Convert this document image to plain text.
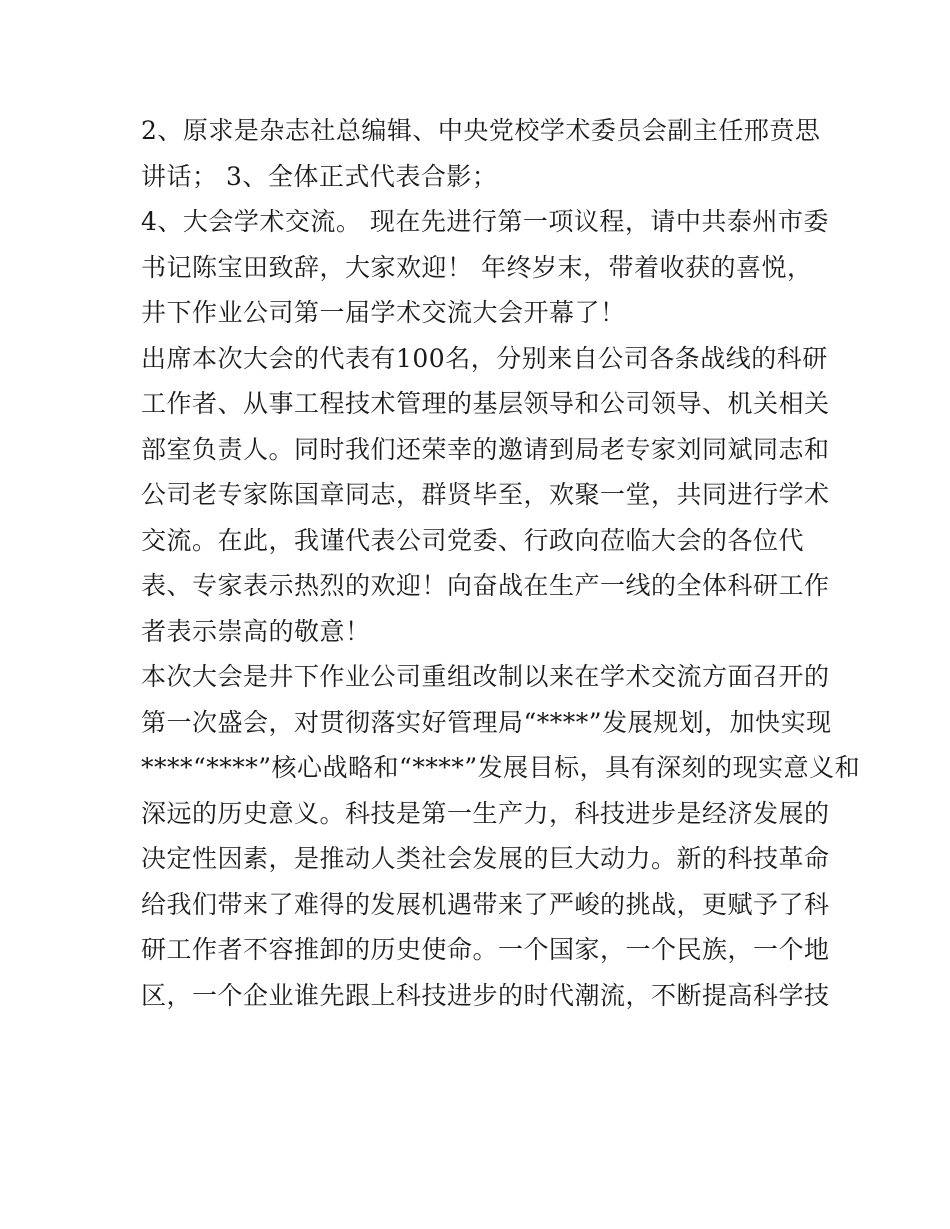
2、原求是杂志社总编辑、中央党校学术委员会副主任邢贲思
讲话； 3、全体正式代表合影；
4、大会学术交流。 现在先进行第一项议程，请中共泰州市委
书记陈宝田致辞，大家欢迎！ 年终岁末，带着收获的喜悦，
井下作业公司第一届学术交流大会开幕了！
出席本次大会的代表有100名，分别来自公司各条战线的科研
工作者、从事工程技术管理的基层领导和公司领导、机关相关
部室负责人。同时我们还荣幸的邀请到局老专家刘同斌同志和
公司老专家陈国章同志，群贤毕至，欢聚一堂，共同进行学术
交流。在此，我谨代表公司党委、行政向莅临大会的各位代
表、专家表示热烈的欢迎！向奋战在生产一线的全体科研工作
者表示崇高的敬意！
本次大会是井下作业公司重组改制以来在学术交流方面召开的
第一次盛会，对贯彻落实好管理局“****”发展规划，加快实现
****“****”核心战略和“****”发展目标，具有深刻的现实意义和
深远的历史意义。科技是第一生产力，科技进步是经济发展的
决定性因素，是推动人类社会发展的巨大动力。新的科技革命
给我们带来了难得的发展机遇带来了严峻的挑战，更赋予了科
研工作者不容推卸的历史使命。一个国家，一个民族，一个地
区，一个企业谁先跟上科技进步的时代潮流，不断提高科学技
